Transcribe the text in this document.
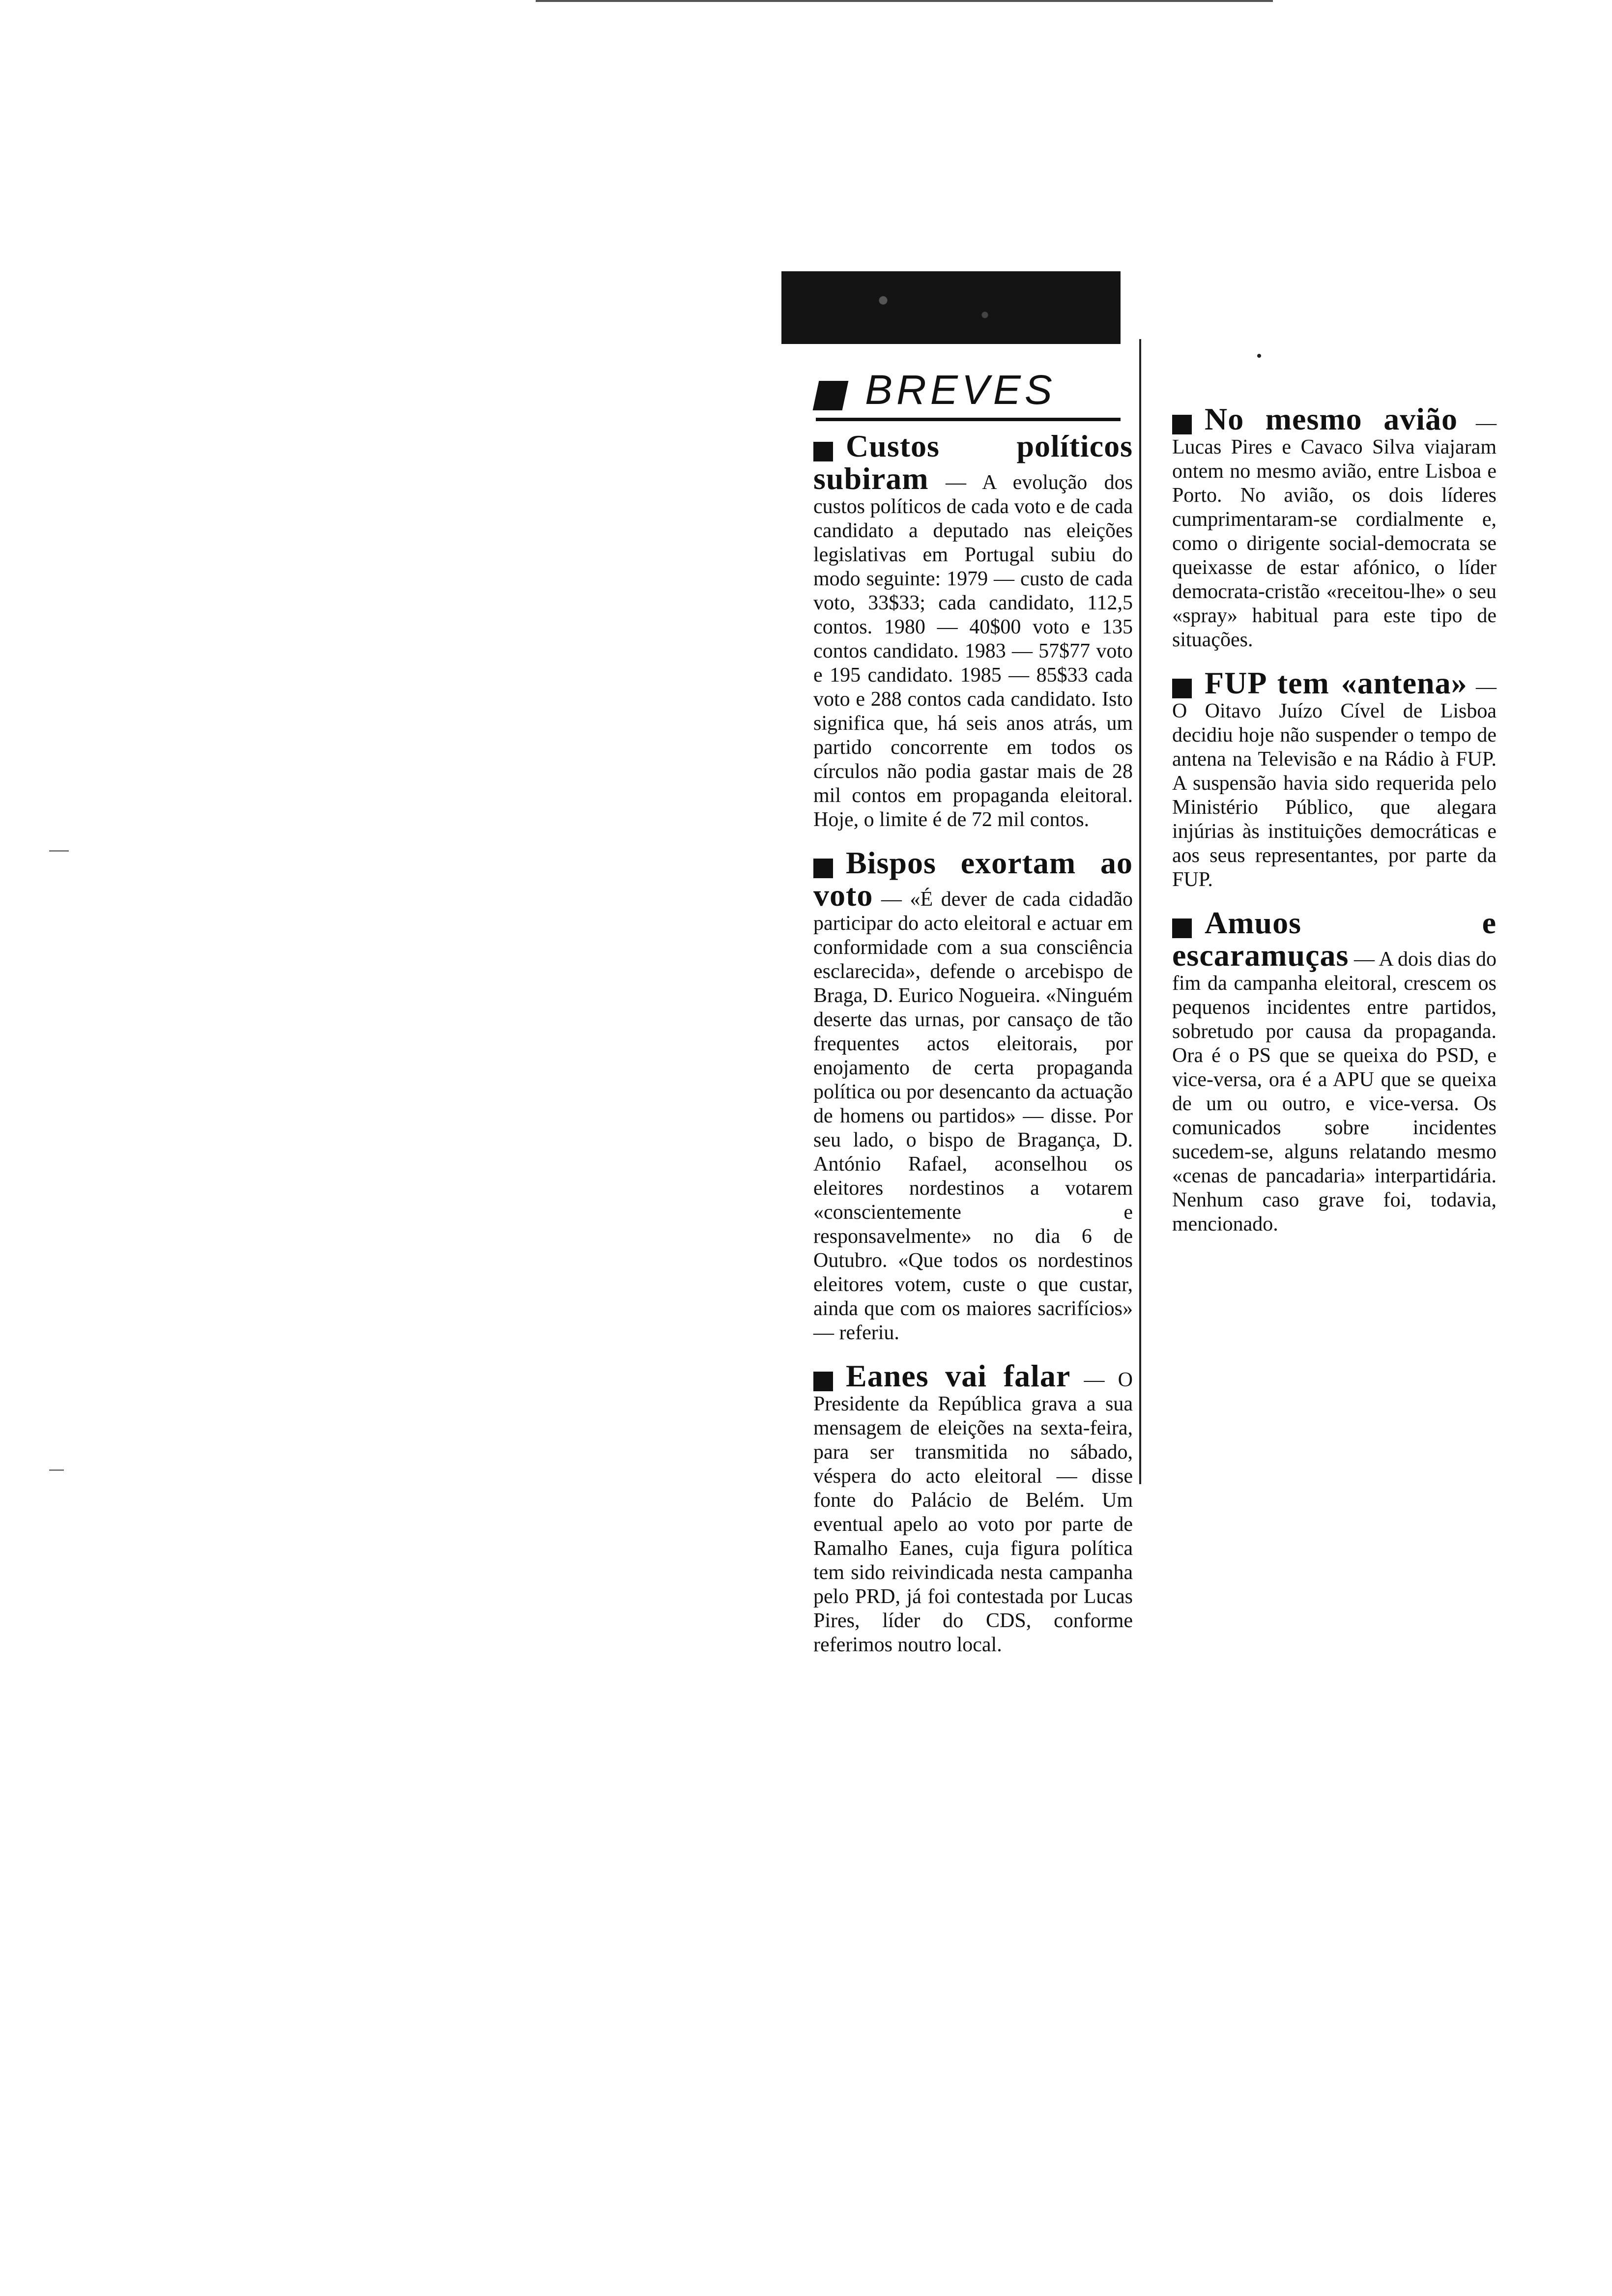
BREVES
Custos políticos subiram — A evolução dos custos políticos de cada voto e de cada candidato a deputado nas eleições legislativas em Portugal subiu do modo seguinte: 1979 — custo de cada voto, 33$33; cada candidato, 112,5 contos. 1980 — 40$00 voto e 135 contos candidato. 1983 — 57$77 voto e 195 candidato. 1985 — 85$33 cada voto e 288 contos cada candidato. Isto significa que, há seis anos atrás, um partido concorrente em todos os círculos não podia gastar mais de 28 mil contos em propaganda eleitoral. Hoje, o limite é de 72 mil contos.
Bispos exortam ao voto — «É dever de cada cidadão participar do acto eleitoral e actuar em conformidade com a sua consciência esclarecida», defende o arcebispo de Braga, D. Eurico Nogueira. «Ninguém deserte das urnas, por cansaço de tão frequentes actos eleitorais, por enojamento de certa propaganda política ou por desencanto da actuação de homens ou partidos» — disse. Por seu lado, o bispo de Bragança, D. António Rafael, aconselhou os eleitores nordestinos a votarem «conscientemente e responsavelmente» no dia 6 de Outubro. «Que todos os nordestinos eleitores votem, custe o que custar, ainda que com os maiores sacrifícios» — referiu.
Eanes vai falar — O Presidente da República grava a sua mensagem de eleições na sexta-feira, para ser transmitida no sábado, véspera do acto eleitoral — disse fonte do Palácio de Belém. Um eventual apelo ao voto por parte de Ramalho Eanes, cuja figura política tem sido reivindicada nesta campanha pelo PRD, já foi contestada por Lucas Pires, líder do CDS, conforme referimos noutro local.
No mesmo avião — Lucas Pires e Cavaco Silva viajaram ontem no mesmo avião, entre Lisboa e Porto. No avião, os dois líderes cumprimentaram-se cordialmente e, como o dirigente social-democrata se queixasse de estar afónico, o líder democrata-cristão «receitou-lhe» o seu «spray» habitual para este tipo de situações.
FUP tem «antena» — O Oitavo Juízo Cível de Lisboa decidiu hoje não suspender o tempo de antena na Televisão e na Rádio à FUP. A suspensão havia sido requerida pelo Ministério Público, que alegara injúrias às instituições democráticas e aos seus representantes, por parte da FUP.
Amuos e escaramuças — A dois dias do fim da campanha eleitoral, crescem os pequenos incidentes entre partidos, sobretudo por causa da propaganda. Ora é o PS que se queixa do PSD, e vice-versa, ora é a APU que se queixa de um ou outro, e vice-versa. Os comunicados sobre incidentes sucedem-se, alguns relatando mesmo «cenas de pancadaria» interpartidária. Nenhum caso grave foi, todavia, mencionado.
